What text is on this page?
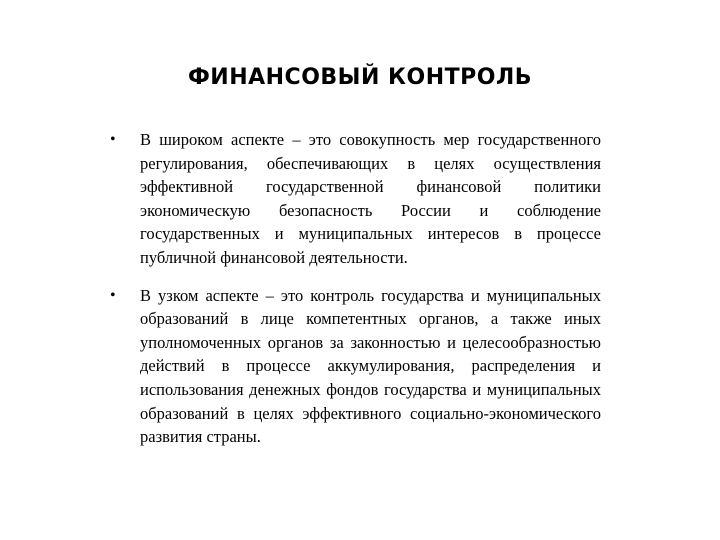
ФИНАНСОВЫЙ КОНТРОЛЬ
• В широком аспекте – это совокупность мер государственного регулирования, обеспечивающих в целях осуществления эффективной государственной финансовой политики экономическую безопасность России и соблюдение государственных и муниципальных интересов в процессе публичной финансовой деятельности.
• В узком аспекте – это контроль государства и муниципальных образований в лице компетентных органов, а также иных уполномоченных органов за законностью и целесообразностью действий в процессе аккумулирования, распределения и использования денежных фондов государства и муниципальных образований в целях эффективного социально-экономического развития страны.
